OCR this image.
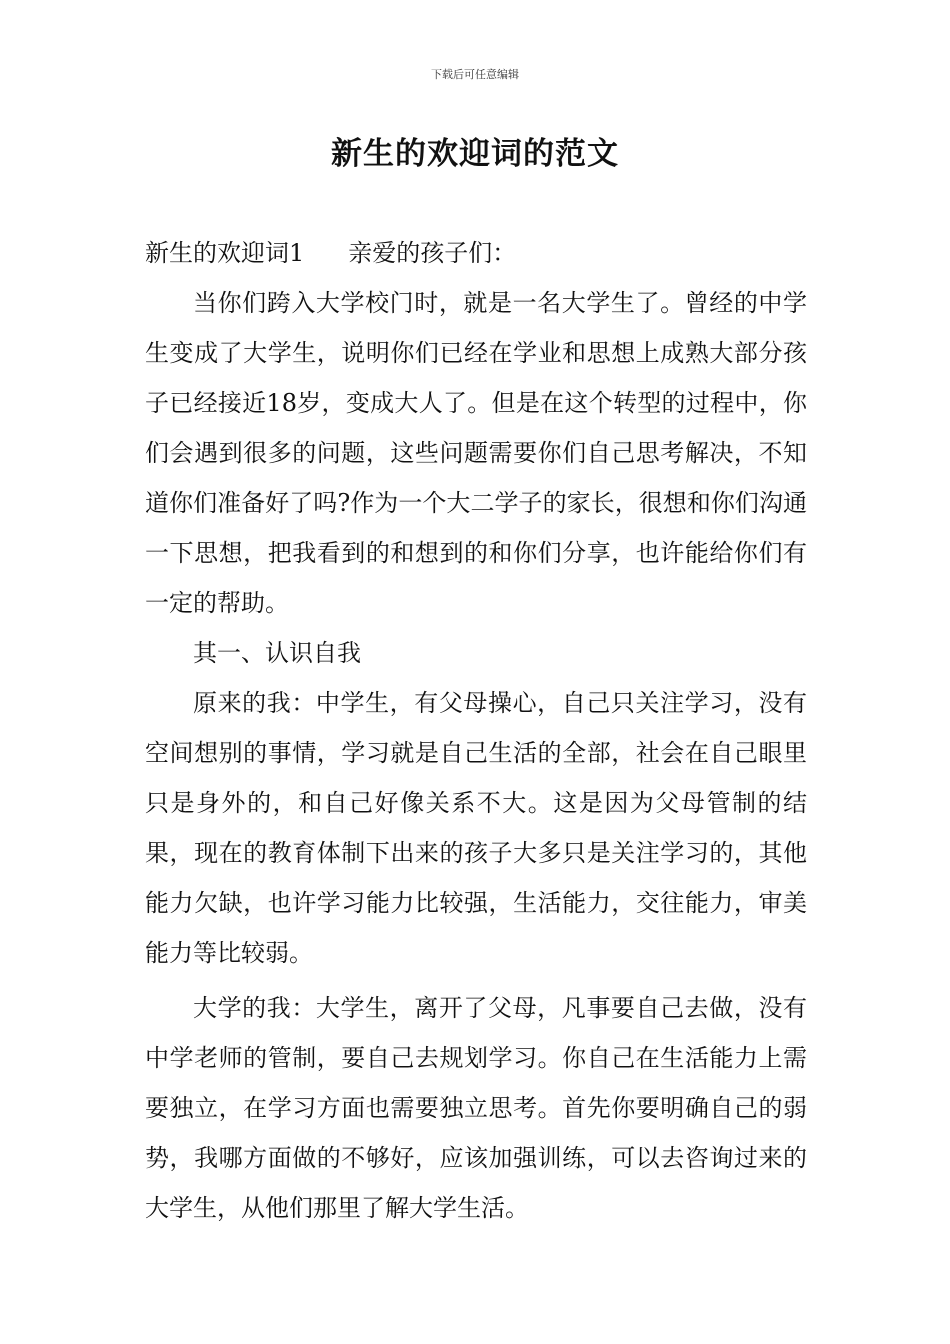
下载后可任意编辑
新生的欢迎词的范文

新生的欢迎词1 亲爱的孩子们：

当你们跨入大学校门时，就是一名大学生了。曾经的中学生变成了大学生，说明你们已经在学业和思想上成熟大部分孩子已经接近18岁，变成大人了。但是在这个转型的过程中，你们会遇到很多的问题，这些问题需要你们自己思考解决，不知道你们准备好了吗?作为一个大二学子的家长，很想和你们沟通一下思想，把我看到的和想到的和你们分享，也许能给你们有一定的帮助。

其一、认识自我

原来的我：中学生，有父母操心，自己只关注学习，没有空间想别的事情，学习就是自己生活的全部，社会在自己眼里只是身外的，和自己好像关系不大。这是因为父母管制的结果，现在的教育体制下出来的孩子大多只是关注学习的，其他能力欠缺，也许学习能力比较强，生活能力，交往能力，审美能力等比较弱。

大学的我：大学生，离开了父母，凡事要自己去做，没有中学老师的管制，要自己去规划学习。你自己在生活能力上需要独立，在学习方面也需要独立思考。首先你要明确自己的弱势，我哪方面做的不够好，应该加强训练，可以去咨询过来的大学生，从他们那里了解大学生活。
